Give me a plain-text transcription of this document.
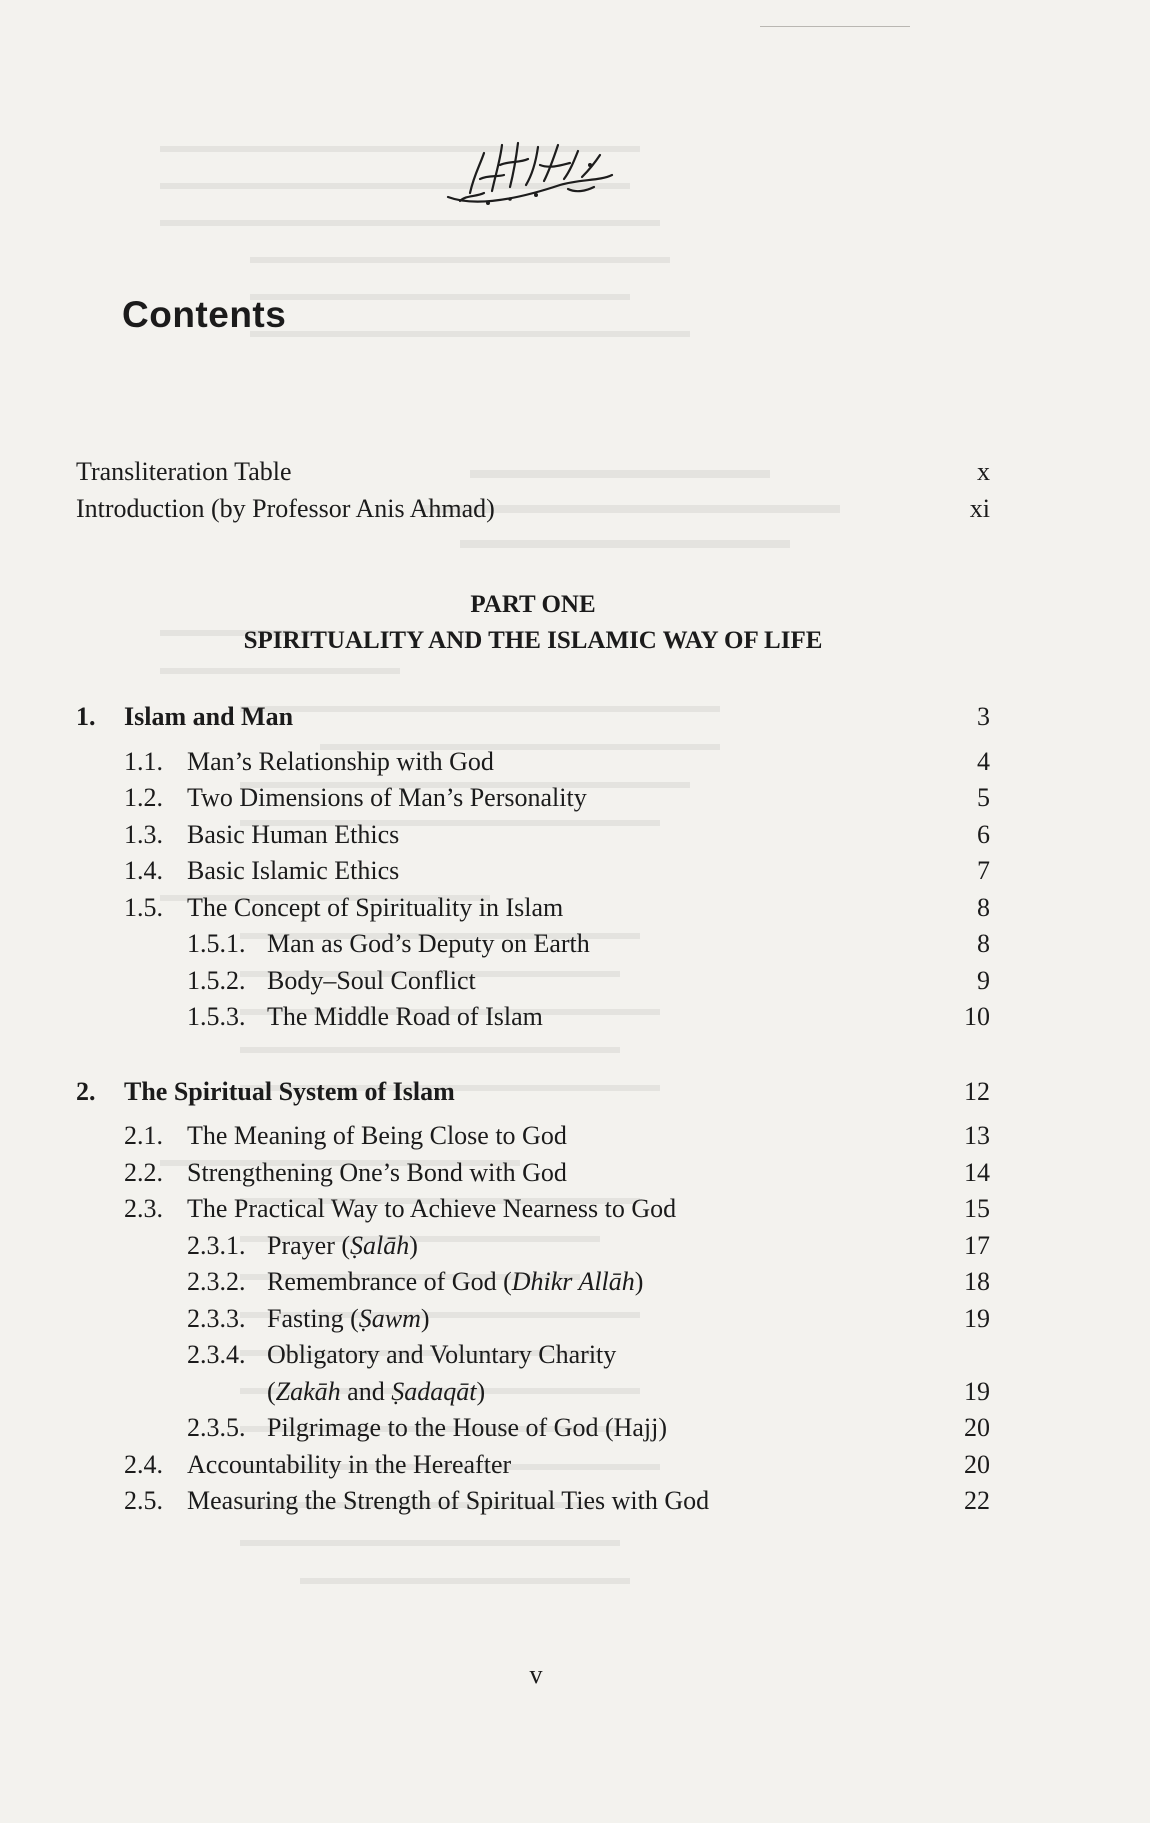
Contents
Transliteration Table	x
Introduction (by Professor Anis Ahmad)	xi
PART ONE
SPIRITUALITY AND THE ISLAMIC WAY OF LIFE
1. Islam and Man	3
1.1. Man’s Relationship with God	4
1.2. Two Dimensions of Man’s Personality	5
1.3. Basic Human Ethics	6
1.4. Basic Islamic Ethics	7
1.5. The Concept of Spirituality in Islam	8
1.5.1. Man as God’s Deputy on Earth	8
1.5.2. Body–Soul Conflict	9
1.5.3. The Middle Road of Islam	10
2. The Spiritual System of Islam	12
2.1. The Meaning of Being Close to God	13
2.2. Strengthening One’s Bond with God	14
2.3. The Practical Way to Achieve Nearness to God	15
2.3.1. Prayer (Ṣalāh)	17
2.3.2. Remembrance of God (Dhikr Allāh)	18
2.3.3. Fasting (Ṣawm)	19
2.3.4. Obligatory and Voluntary Charity
(Zakāh and Ṣadaqāt)	19
2.3.5. Pilgrimage to the House of God (Hajj)	20
2.4. Accountability in the Hereafter	20
2.5. Measuring the Strength of Spiritual Ties with God	22
v
